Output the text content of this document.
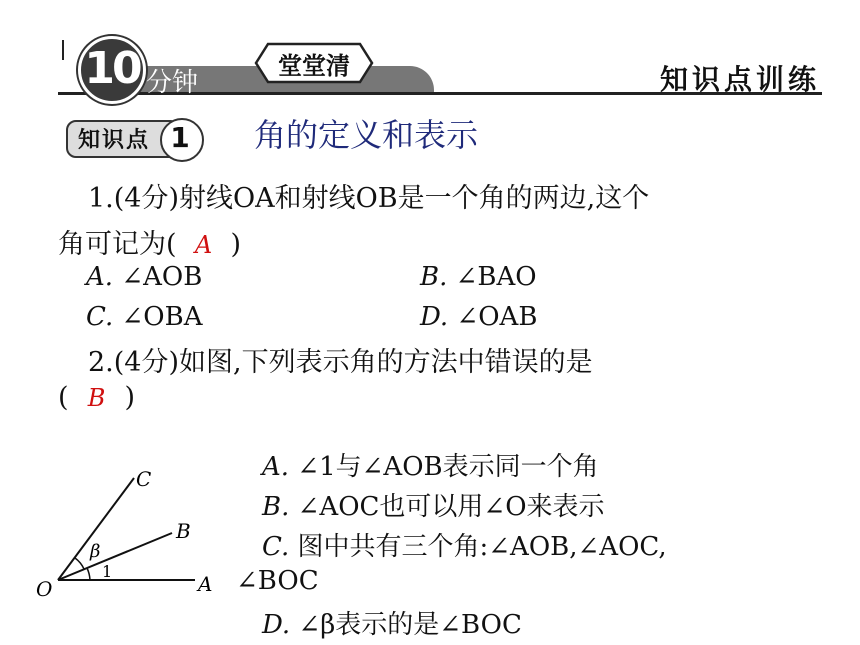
10 分钟
堂堂清	知识点训练
知识点 1	角的定义和表示
1.(4分)射线OA和射线OB是一个角的两边,这个
角可记为( A )
A. ∠AOB	B. ∠BAO
C. ∠OBA	D. ∠OAB
2.(4分)如图,下列表示角的方法中错误的是
( B )
O	A
B
C
β
1
A. ∠1与∠AOB表示同一个角
B. ∠AOC也可以用∠O来表示
C. 图中共有三个角:∠AOB,∠AOC,
∠BOC
D. ∠β表示的是∠BOC
